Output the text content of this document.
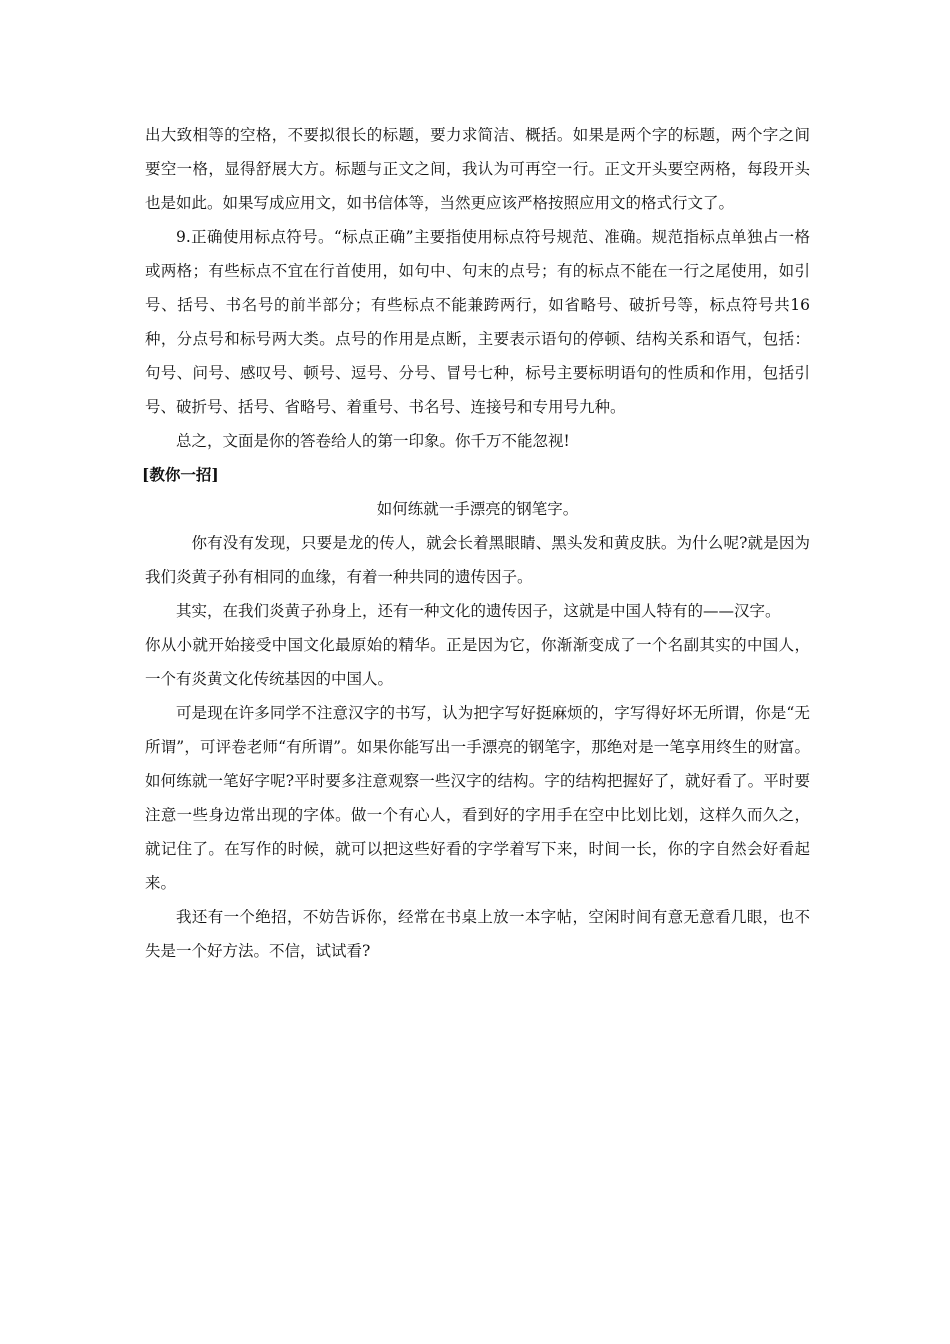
出大致相等的空格，不要拟很长的标题，要力求简洁、概括。如果是两个字的标题，两个字之间要空一格，显得舒展大方。标题与正文之间，我认为可再空一行。正文开头要空两格，每段开头也是如此。如果写成应用文，如书信体等，当然更应该严格按照应用文的格式行文了。

9.正确使用标点符号。“标点正确”主要指使用标点符号规范、准确。规范指标点单独占一格或两格；有些标点不宜在行首使用，如句中、句末的点号；有的标点不能在一行之尾使用，如引号、括号、书名号的前半部分；有些标点不能兼跨两行，如省略号、破折号等，标点符号共16种，分点号和标号两大类。点号的作用是点断，主要表示语句的停顿、结构关系和语气，包括：句号、问号、感叹号、顿号、逗号、分号、冒号七种，标号主要标明语句的性质和作用，包括引号、破折号、括号、省略号、着重号、书名号、连接号和专用号九种。

总之，文面是你的答卷给人的第一印象。你千万不能忽视!

[教你一招]

如何练就一手漂亮的钢笔字。

你有没有发现，只要是龙的传人，就会长着黑眼睛、黑头发和黄皮肤。为什么呢?就是因为我们炎黄子孙有相同的血缘，有着一种共同的遗传因子。

其实，在我们炎黄子孙身上，还有一种文化的遗传因子，这就是中国人特有的——汉字。

你从小就开始接受中国文化最原始的精华。正是因为它，你渐渐变成了一个名副其实的中国人，一个有炎黄文化传统基因的中国人。

可是现在许多同学不注意汉字的书写，认为把字写好挺麻烦的，字写得好坏无所谓，你是“无所谓”，可评卷老师“有所谓”。如果你能写出一手漂亮的钢笔字，那绝对是一笔享用终生的财富。如何练就一笔好字呢?平时要多注意观察一些汉字的结构。字的结构把握好了，就好看了。平时要注意一些身边常出现的字体。做一个有心人，看到好的字用手在空中比划比划，这样久而久之，就记住了。在写作的时候，就可以把这些好看的字学着写下来，时间一长，你的字自然会好看起来。

我还有一个绝招，不妨告诉你，经常在书桌上放一本字帖，空闲时间有意无意看几眼，也不失是一个好方法。不信，试试看?
